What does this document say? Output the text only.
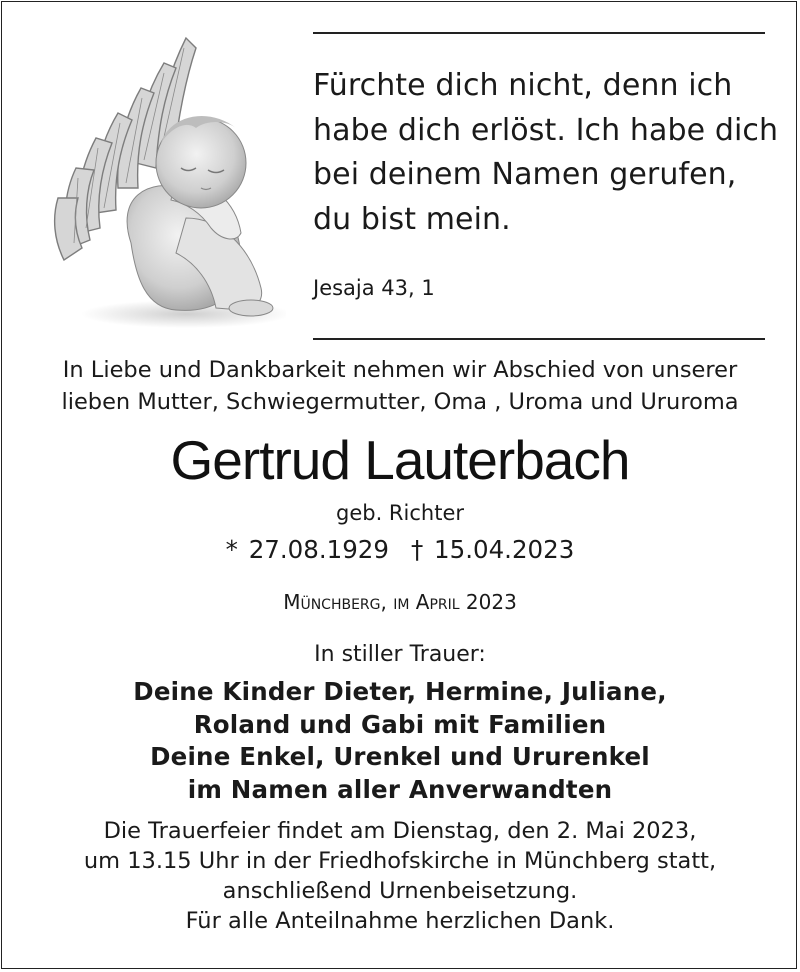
Fürchte dich nicht, denn ich
habe dich erlöst. Ich habe dich
bei deinem Namen gerufen,
du bist mein.
Jesaja 43, 1
In Liebe und Dankbarkeit nehmen wir Abschied von unserer
lieben Mutter, Schwiegermutter, Oma , Uroma und Ururoma
Gertrud Lauterbach
geb. Richter
* 27.08.1929 † 15.04.2023
Münchberg, im April 2023
In stiller Trauer:
Deine Kinder Dieter, Hermine, Juliane,
Roland und Gabi mit Familien
Deine Enkel, Urenkel und Ururenkel
im Namen aller Anverwandten
Die Trauerfeier findet am Dienstag, den 2. Mai 2023,
um 13.15 Uhr in der Friedhofskirche in Münchberg statt,
anschließend Urnenbeisetzung.
Für alle Anteilnahme herzlichen Dank.
